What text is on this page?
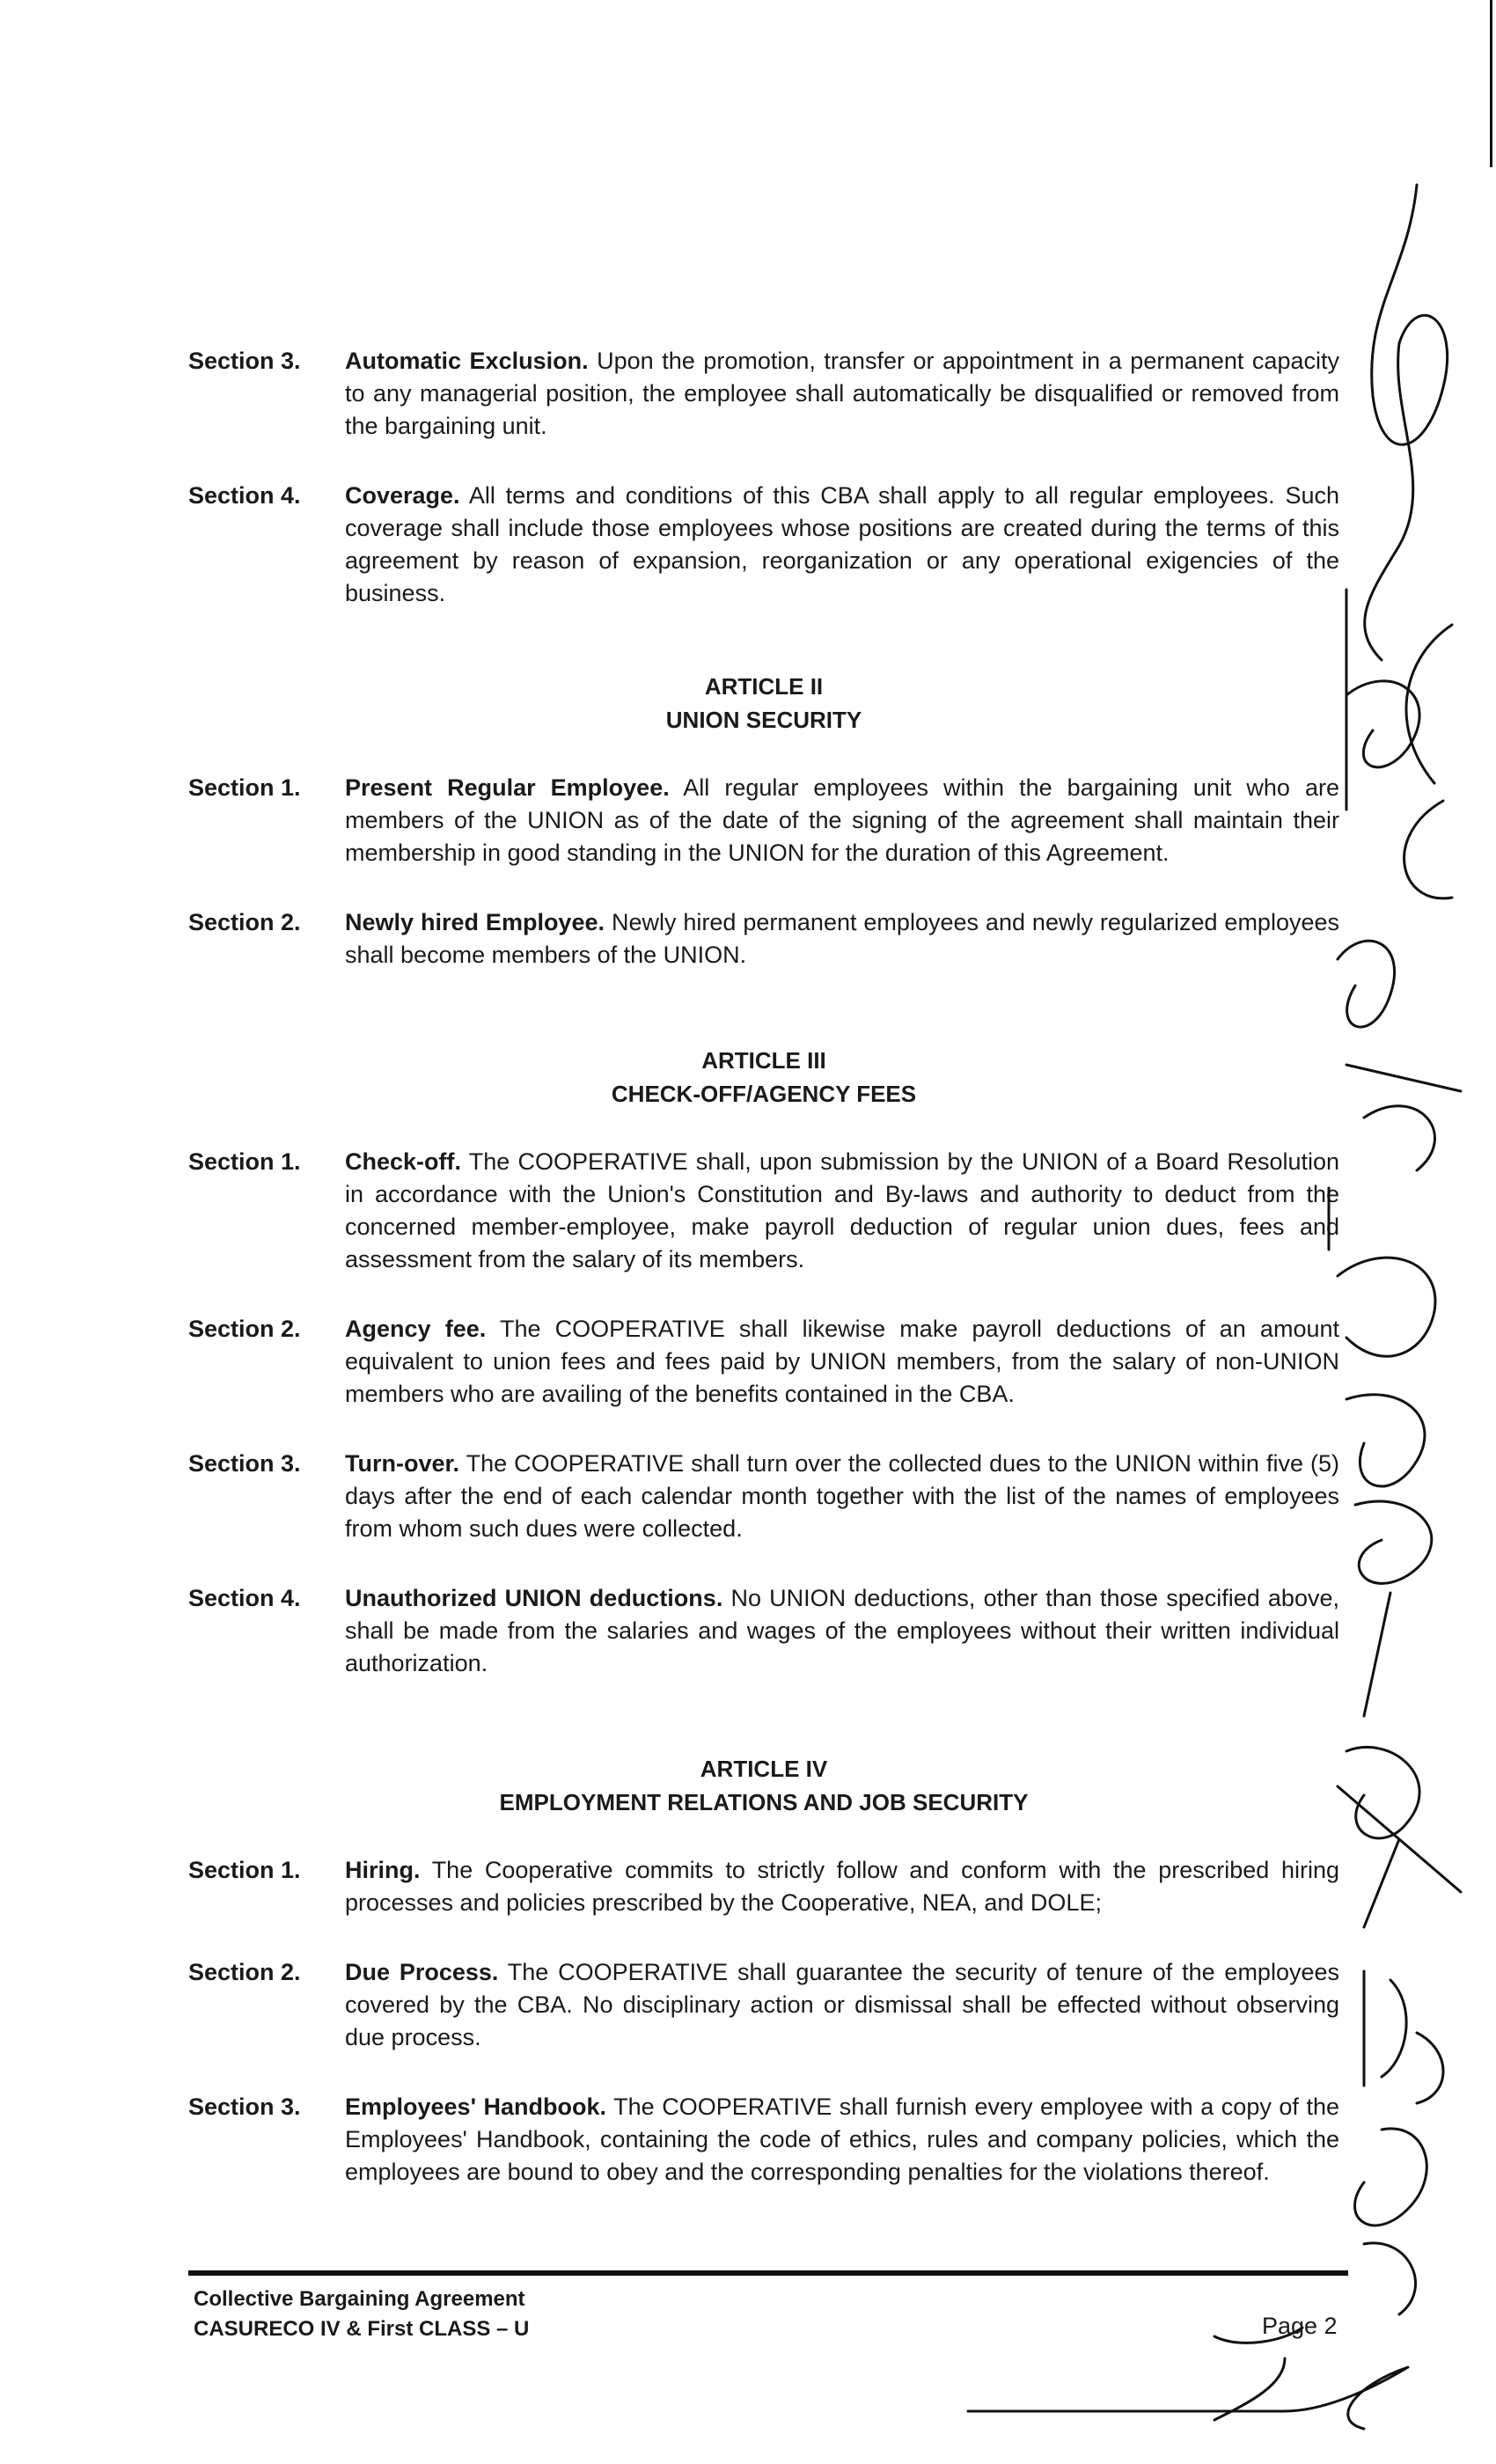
Section 3.	Automatic Exclusion. Upon the promotion, transfer or appointment in a permanent capacity to any managerial position, the employee shall automatically be disqualified or removed from the bargaining unit.
Section 4.	Coverage. All terms and conditions of this CBA shall apply to all regular employees. Such coverage shall include those employees whose positions are created during the terms of this agreement by reason of expansion, reorganization or any operational exigencies of the business.
ARTICLE II
UNION SECURITY
Section 1.	Present Regular Employee. All regular employees within the bargaining unit who are members of the UNION as of the date of the signing of the agreement shall maintain their membership in good standing in the UNION for the duration of this Agreement.
Section 2.	Newly hired Employee. Newly hired permanent employees and newly regularized employees shall become members of the UNION.
ARTICLE III
CHECK-OFF/AGENCY FEES
Section 1.	Check-off. The COOPERATIVE shall, upon submission by the UNION of a Board Resolution in accordance with the Union's Constitution and By-laws and authority to deduct from the concerned member-employee, make payroll deduction of regular union dues, fees and assessment from the salary of its members.
Section 2.	Agency fee. The COOPERATIVE shall likewise make payroll deductions of an amount equivalent to union fees and fees paid by UNION members, from the salary of non-UNION members who are availing of the benefits contained in the CBA.
Section 3.	Turn-over. The COOPERATIVE shall turn over the collected dues to the UNION within five (5) days after the end of each calendar month together with the list of the names of employees from whom such dues were collected.
Section 4.	Unauthorized UNION deductions. No UNION deductions, other than those specified above, shall be made from the salaries and wages of the employees without their written individual authorization.
ARTICLE IV
EMPLOYMENT RELATIONS AND JOB SECURITY
Section 1.	Hiring. The Cooperative commits to strictly follow and conform with the prescribed hiring processes and policies prescribed by the Cooperative, NEA, and DOLE;
Section 2.	Due Process. The COOPERATIVE shall guarantee the security of tenure of the employees covered by the CBA. No disciplinary action or dismissal shall be effected without observing due process.
Section 3.	Employees' Handbook. The COOPERATIVE shall furnish every employee with a copy of the Employees' Handbook, containing the code of ethics, rules and company policies, which the employees are bound to obey and the corresponding penalties for the violations thereof.
Collective Bargaining Agreement
CASURECO IV & First CLASS – U	Page 2
